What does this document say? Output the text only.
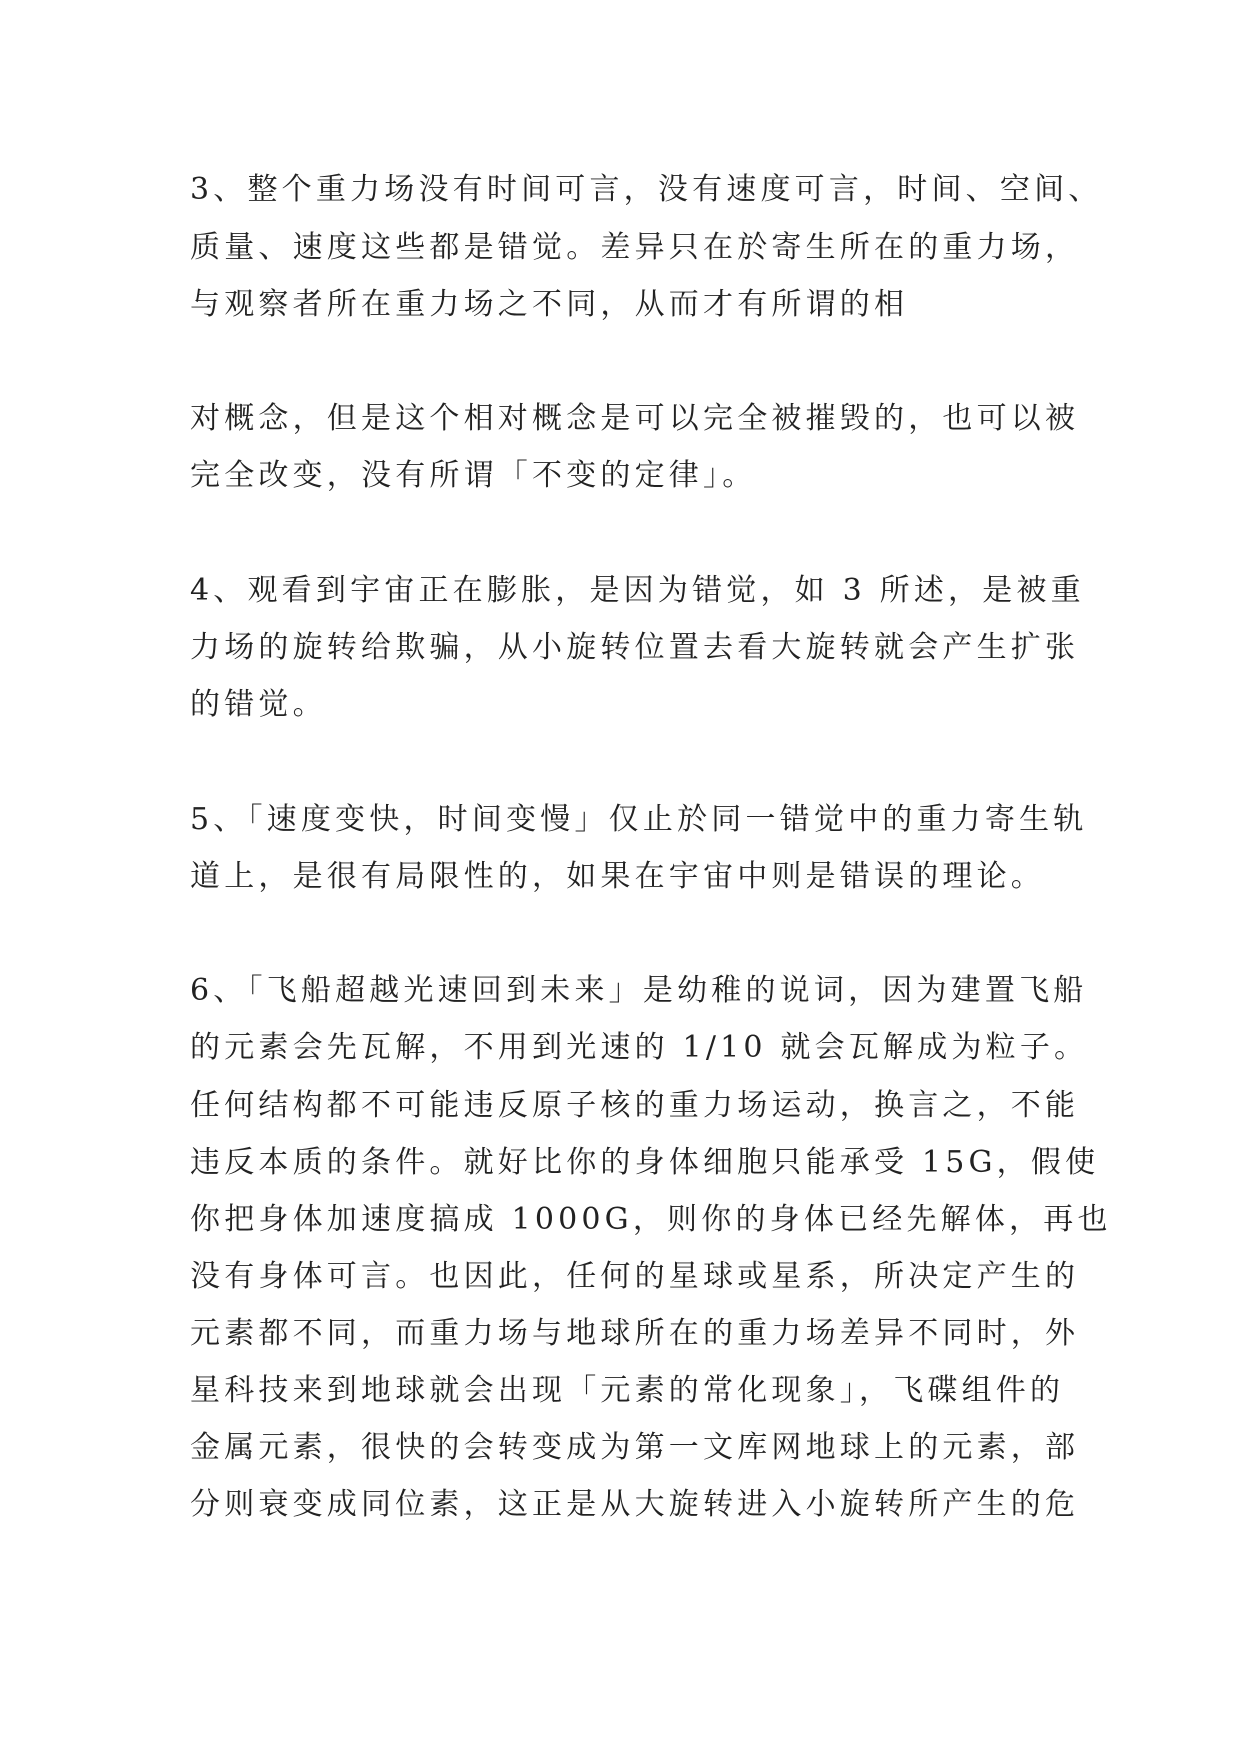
3、整个重力场没有时间可言，没有速度可言，时间、空间、
质量、速度这些都是错觉。差异只在於寄生所在的重力场，
与观察者所在重力场之不同，从而才有所谓的相
对概念，但是这个相对概念是可以完全被摧毁的，也可以被
完全改变，没有所谓「不变的定律」。
4、观看到宇宙正在膨胀，是因为错觉，如 3 所述，是被重
力场的旋转给欺骗，从小旋转位置去看大旋转就会产生扩张
的错觉。
5、「速度变快，时间变慢」仅止於同一错觉中的重力寄生轨
道上，是很有局限性的，如果在宇宙中则是错误的理论。
6、「飞船超越光速回到未来」是幼稚的说词，因为建置飞船
的元素会先瓦解，不用到光速的 1/10 就会瓦解成为粒子。
任何结构都不可能违反原子核的重力场运动，换言之，不能
违反本质的条件。就好比你的身体细胞只能承受 15G，假使
你把身体加速度搞成 1000G，则你的身体已经先解体，再也
没有身体可言。也因此，任何的星球或星系，所决定产生的
元素都不同，而重力场与地球所在的重力场差异不同时，外
星科技来到地球就会出现「元素的常化现象」，飞碟组件的
金属元素，很快的会转变成为第一文库网地球上的元素，部
分则衰变成同位素，这正是从大旋转进入小旋转所产生的危
